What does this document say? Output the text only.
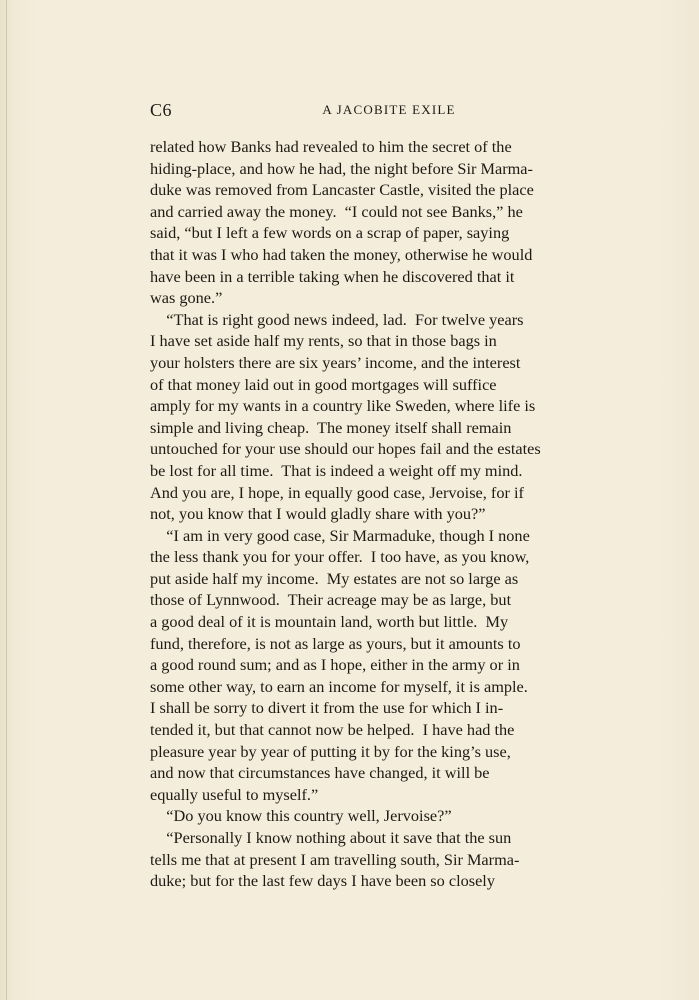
C6	A JACOBITE EXILE
related how Banks had revealed to him the secret of the
hiding-place, and how he had, the night before Sir Marma-
duke was removed from Lancaster Castle, visited the place
and carried away the money.  “I could not see Banks,” he
said, “but I left a few words on a scrap of paper, saying
that it was I who had taken the money, otherwise he would
have been in a terrible taking when he discovered that it
was gone.”
“That is right good news indeed, lad.  For twelve years
I have set aside half my rents, so that in those bags in
your holsters there are six years’ income, and the interest
of that money laid out in good mortgages will suffice
amply for my wants in a country like Sweden, where life is
simple and living cheap.  The money itself shall remain
untouched for your use should our hopes fail and the estates
be lost for all time.  That is indeed a weight off my mind.
And you are, I hope, in equally good case, Jervoise, for if
not, you know that I would gladly share with you?”
“I am in very good case, Sir Marmaduke, though I none
the less thank you for your offer.  I too have, as you know,
put aside half my income.  My estates are not so large as
those of Lynnwood.  Their acreage may be as large, but
a good deal of it is mountain land, worth but little.  My
fund, therefore, is not as large as yours, but it amounts to
a good round sum; and as I hope, either in the army or in
some other way, to earn an income for myself, it is ample.
I shall be sorry to divert it from the use for which I in-
tended it, but that cannot now be helped.  I have had the
pleasure year by year of putting it by for the king’s use,
and now that circumstances have changed, it will be
equally useful to myself.”
“Do you know this country well, Jervoise?”
“Personally I know nothing about it save that the sun
tells me that at present I am travelling south, Sir Marma-
duke; but for the last few days I have been so closely
